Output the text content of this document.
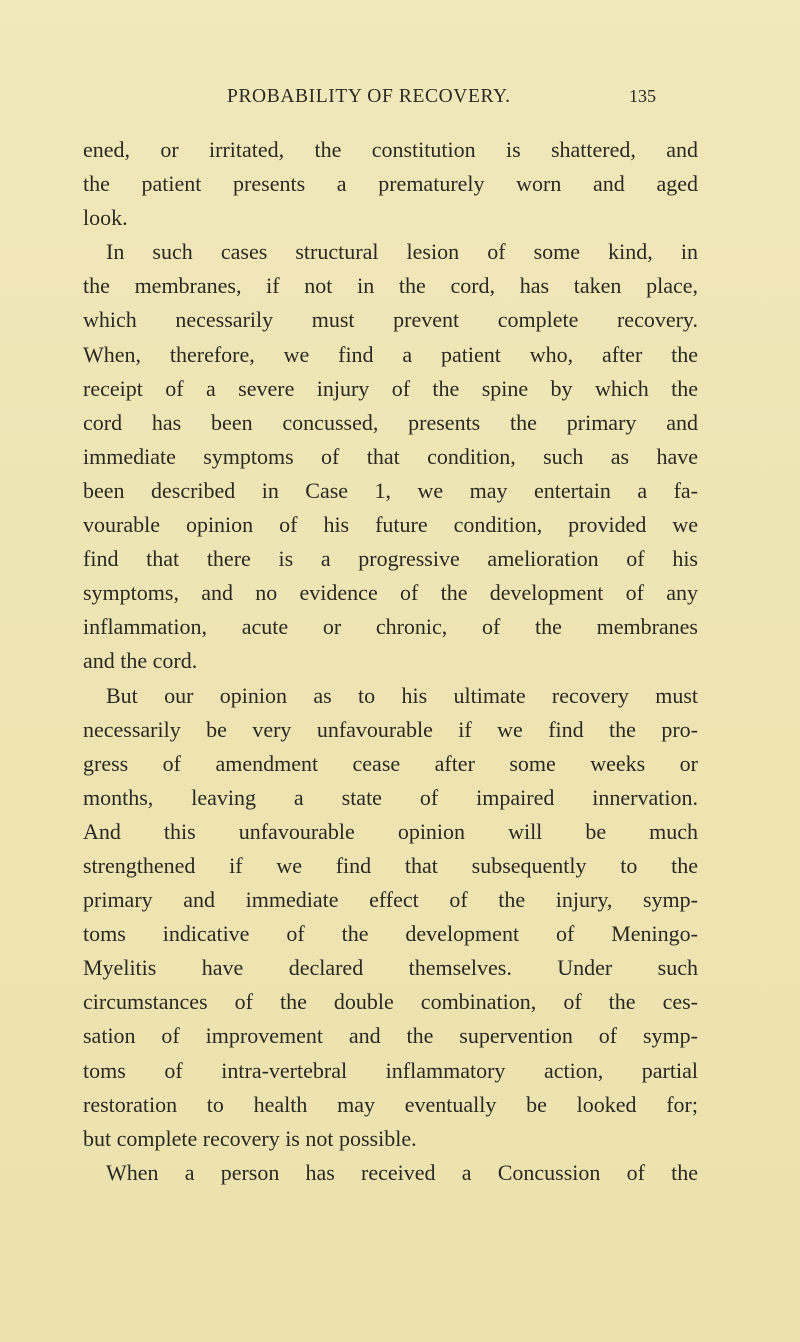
PROBABILITY OF RECOVERY.	135
ened, or irritated, the constitution is shattered, and
the patient presents a prematurely worn and aged
look.
In such cases structural lesion of some kind, in
the membranes, if not in the cord, has taken place,
which necessarily must prevent complete recovery.
When, therefore, we find a patient who, after the
receipt of a severe injury of the spine by which the
cord has been concussed, presents the primary and
immediate symptoms of that condition, such as have
been described in Case 1, we may entertain a fa-
vourable opinion of his future condition, provided we
find that there is a progressive amelioration of his
symptoms, and no evidence of the development of any
inflammation, acute or chronic, of the membranes
and the cord.
But our opinion as to his ultimate recovery must
necessarily be very unfavourable if we find the pro-
gress of amendment cease after some weeks or
months, leaving a state of impaired innervation.
And this unfavourable opinion will be much
strengthened if we find that subsequently to the
primary and immediate effect of the injury, symp-
toms indicative of the development of Meningo-
Myelitis have declared themselves. Under such
circumstances of the double combination, of the ces-
sation of improvement and the supervention of symp-
toms of intra-vertebral inflammatory action, partial
restoration to health may eventually be looked for;
but complete recovery is not possible.
When a person has received a Concussion of the
